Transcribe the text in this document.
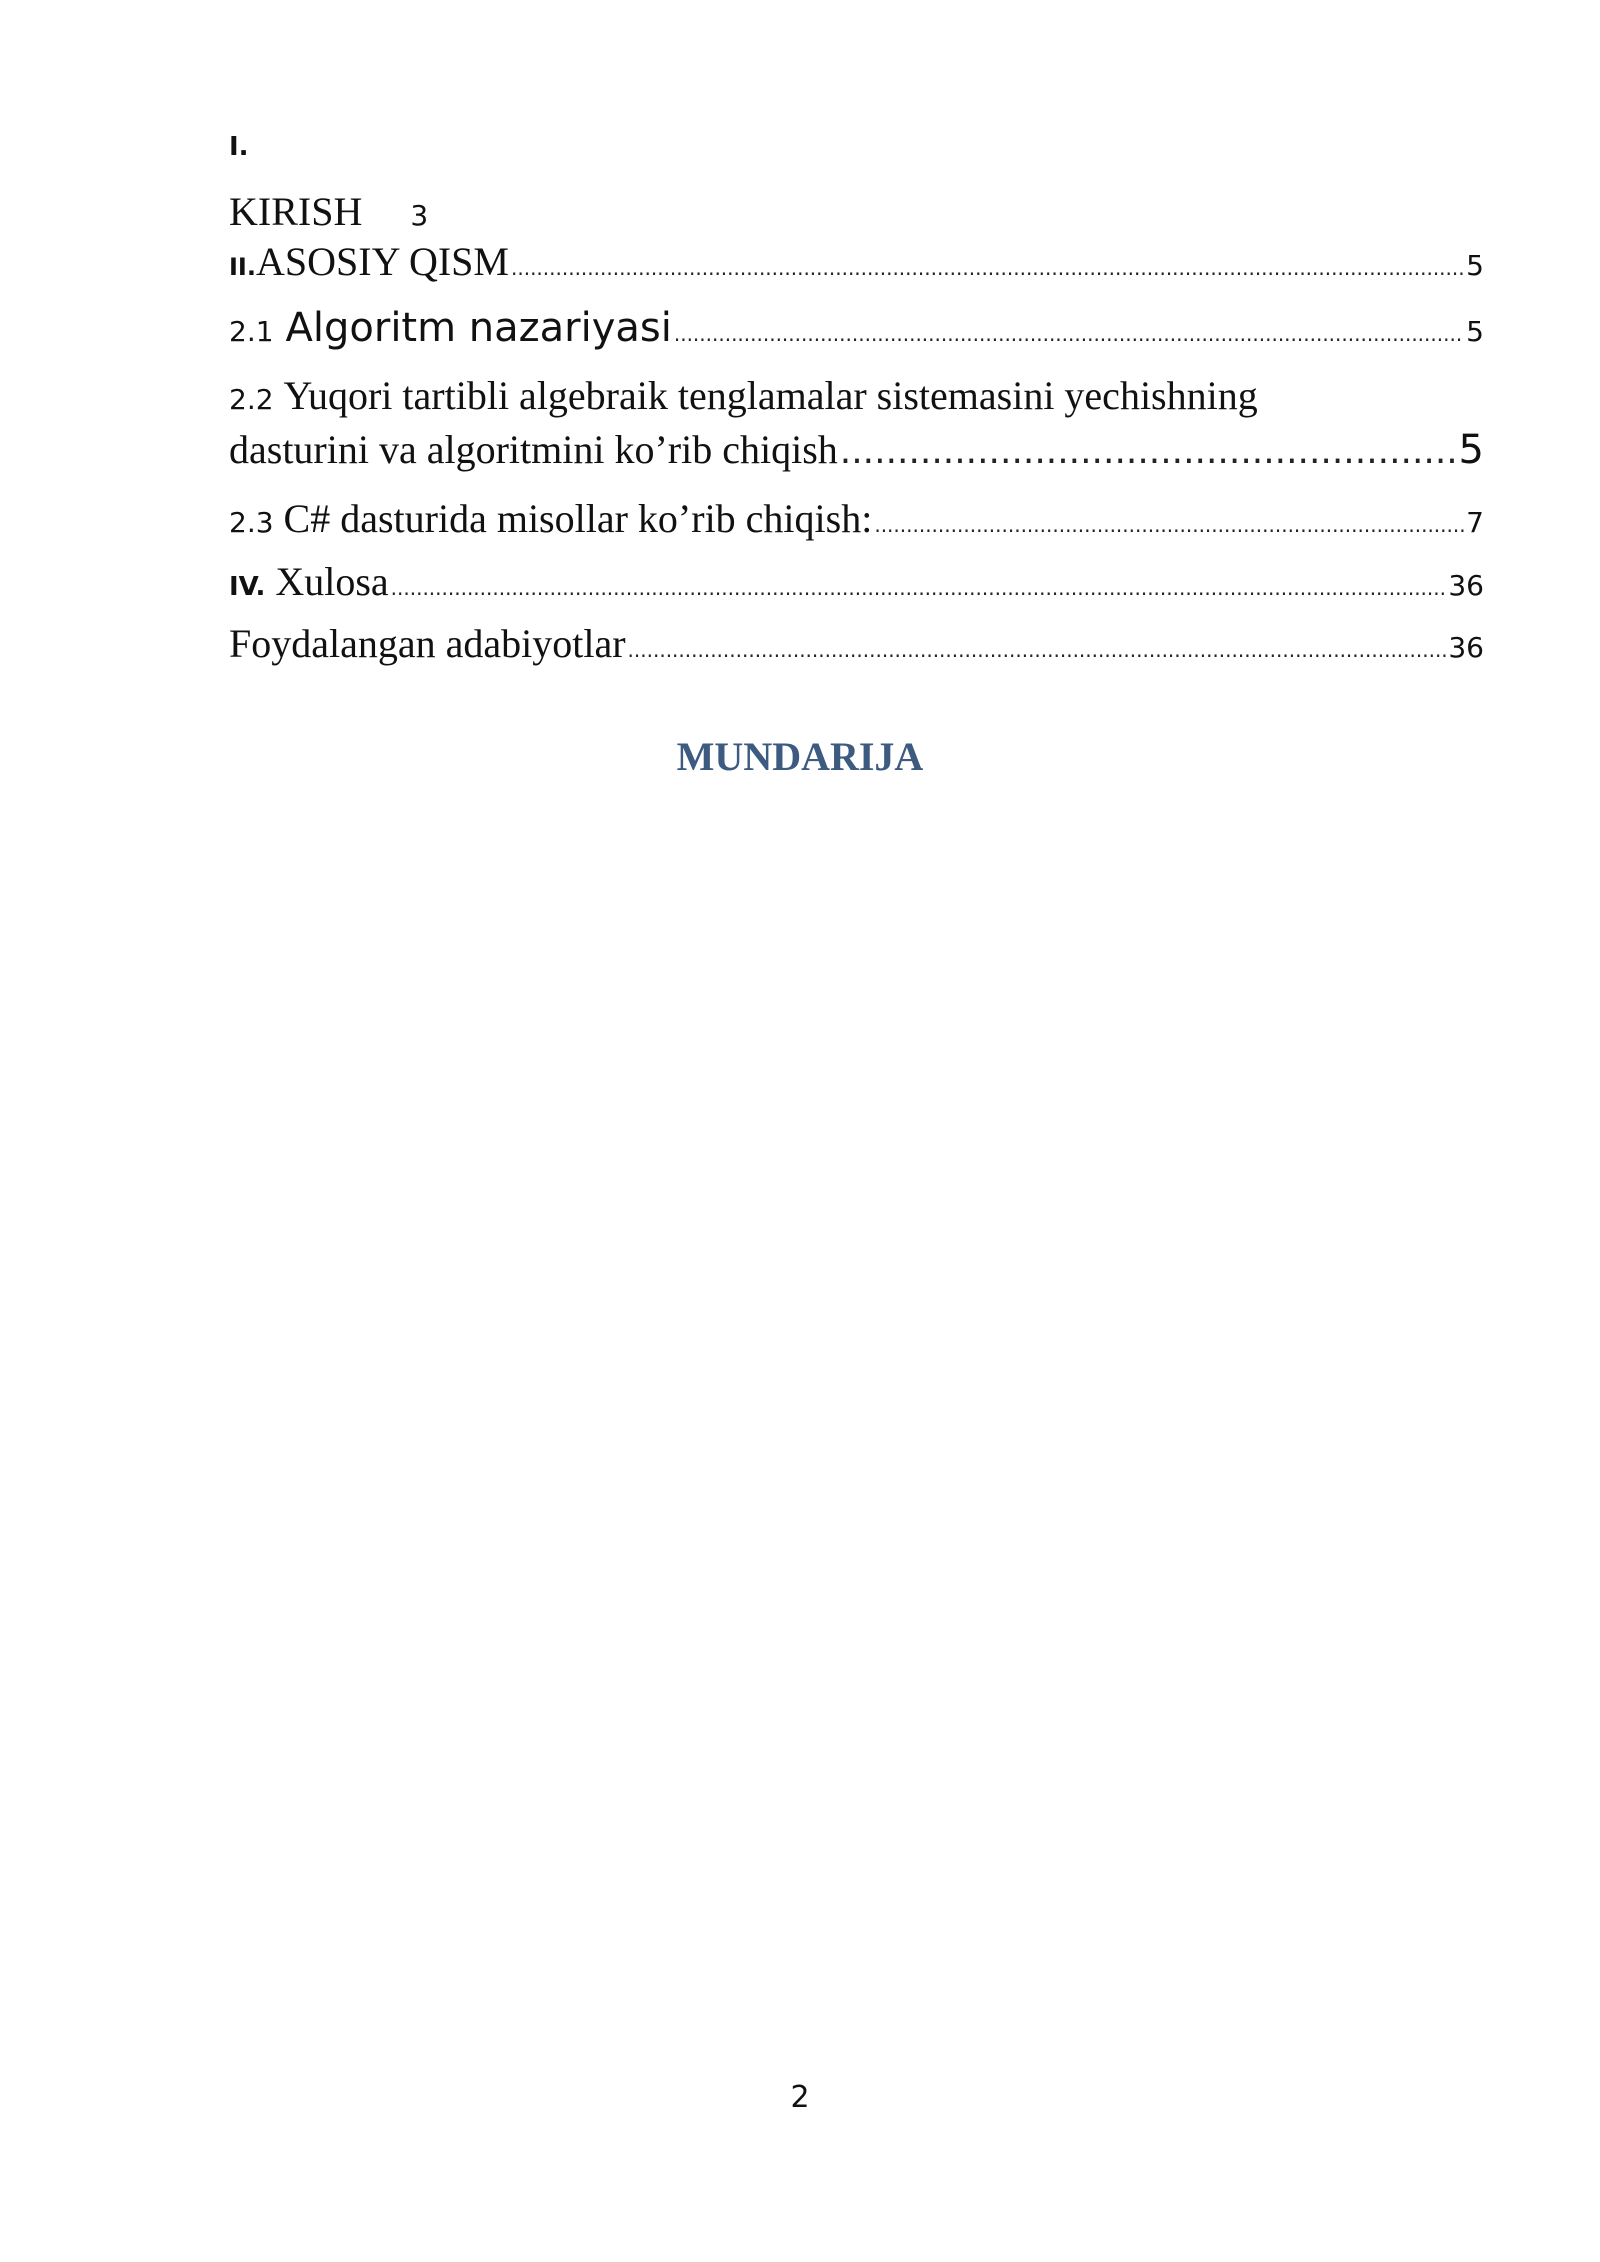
I.
KIRISH 3
II. ASOSIY QISM .....	5
2.1 Algoritm nazariyasi .....	5
2.2 Yuqori tartibli algebraik tenglamalar sistemasini yechishning
dasturini va algoritmini ko’rib chiqish .....	5
2.3 C# dasturida misollar ko’rib chiqish: .....	7
IV. Xulosa .....	36
Foydalangan adabiyotlar .....	36
MUNDARIJA
2
